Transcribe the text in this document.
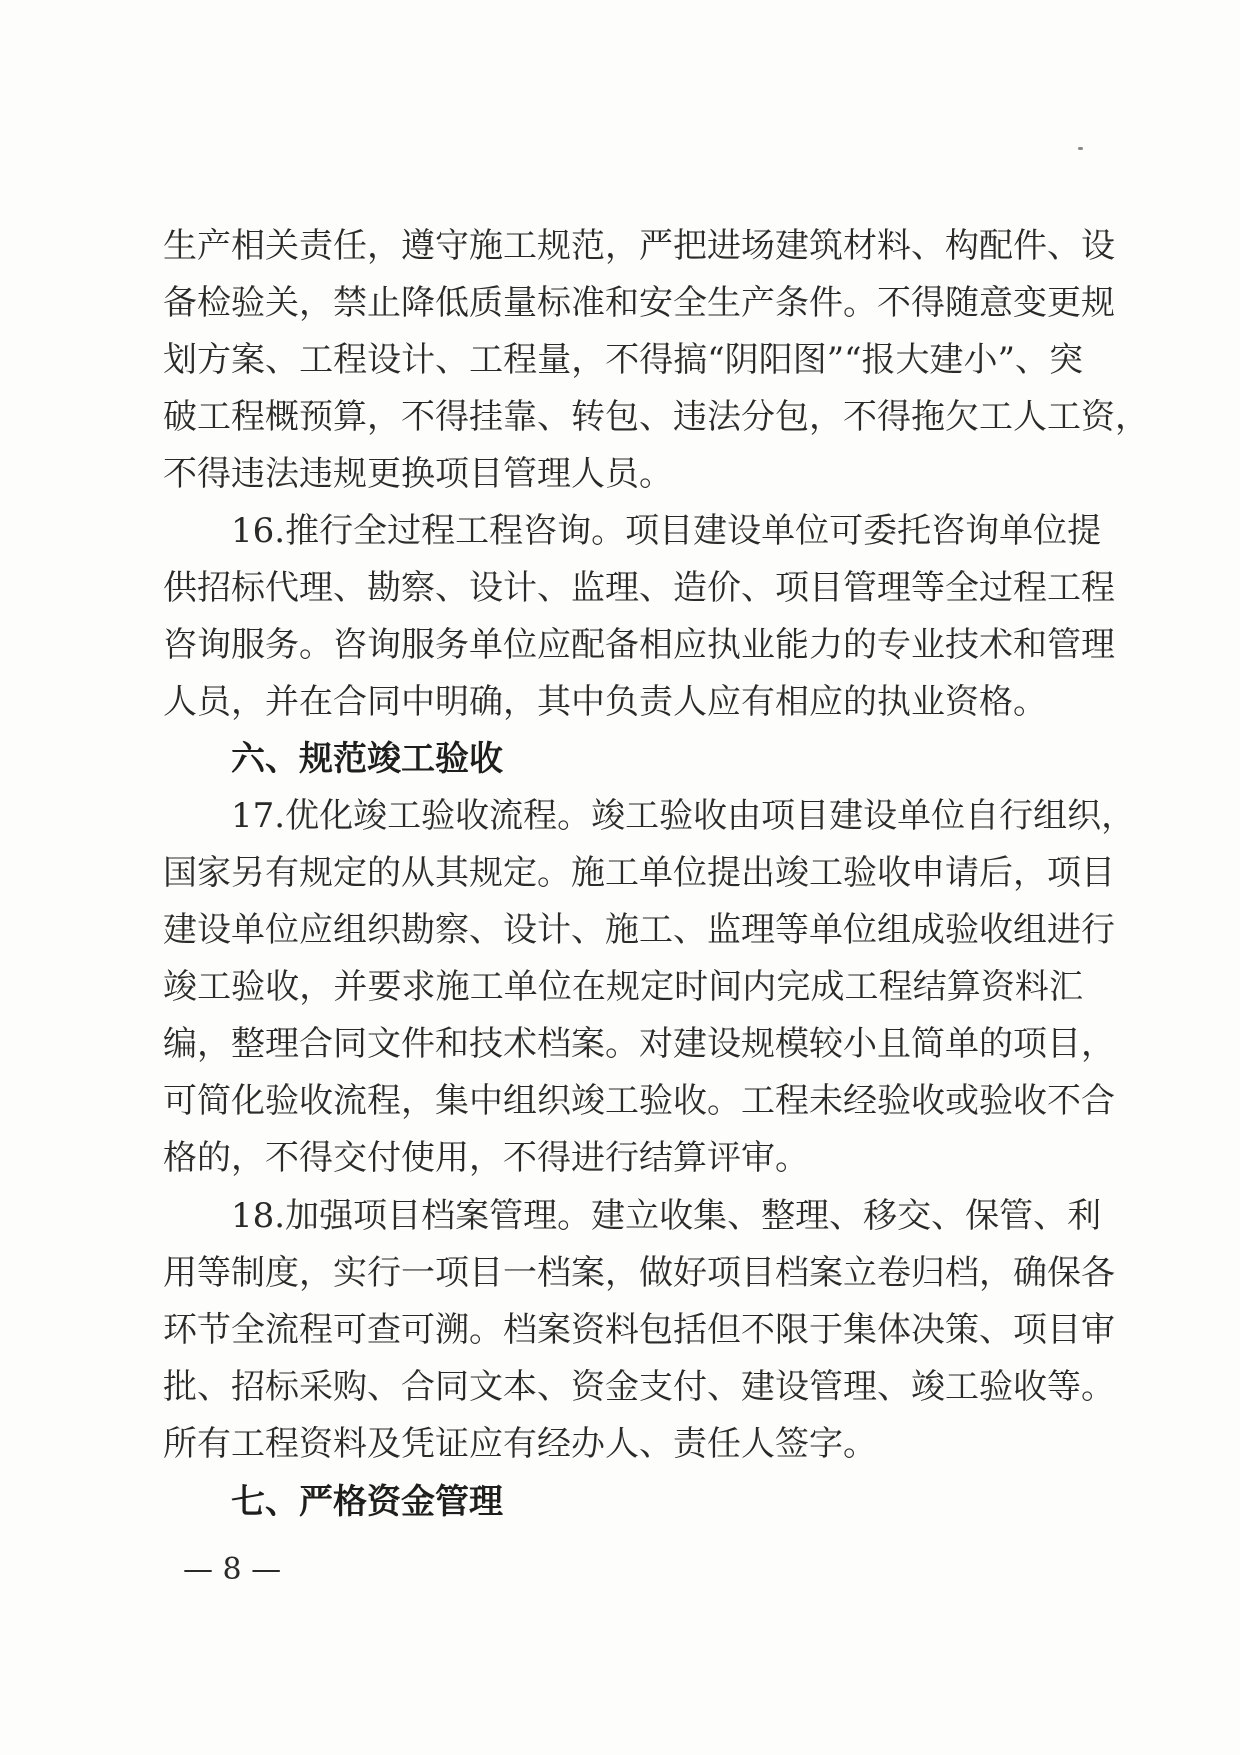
生产相关责任，遵守施工规范，严把进场建筑材料、构配件、设
备检验关，禁止降低质量标准和安全生产条件。不得随意变更规
划方案、工程设计、工程量，不得搞“阴阳图”“报大建小”、突
破工程概预算，不得挂靠、转包、违法分包，不得拖欠工人工资，
不得违法违规更换项目管理人员。
16.推行全过程工程咨询。项目建设单位可委托咨询单位提
供招标代理、勘察、设计、监理、造价、项目管理等全过程工程
咨询服务。咨询服务单位应配备相应执业能力的专业技术和管理
人员，并在合同中明确，其中负责人应有相应的执业资格。
六、规范竣工验收
17.优化竣工验收流程。竣工验收由项目建设单位自行组织，
国家另有规定的从其规定。施工单位提出竣工验收申请后，项目
建设单位应组织勘察、设计、施工、监理等单位组成验收组进行
竣工验收，并要求施工单位在规定时间内完成工程结算资料汇
编，整理合同文件和技术档案。对建设规模较小且简单的项目，
可简化验收流程，集中组织竣工验收。工程未经验收或验收不合
格的，不得交付使用，不得进行结算评审。
18.加强项目档案管理。建立收集、整理、移交、保管、利
用等制度，实行一项目一档案，做好项目档案立卷归档，确保各
环节全流程可查可溯。档案资料包括但不限于集体决策、项目审
批、招标采购、合同文本、资金支付、建设管理、竣工验收等。
所有工程资料及凭证应有经办人、责任人签字。
七、严格资金管理
— 8 —
